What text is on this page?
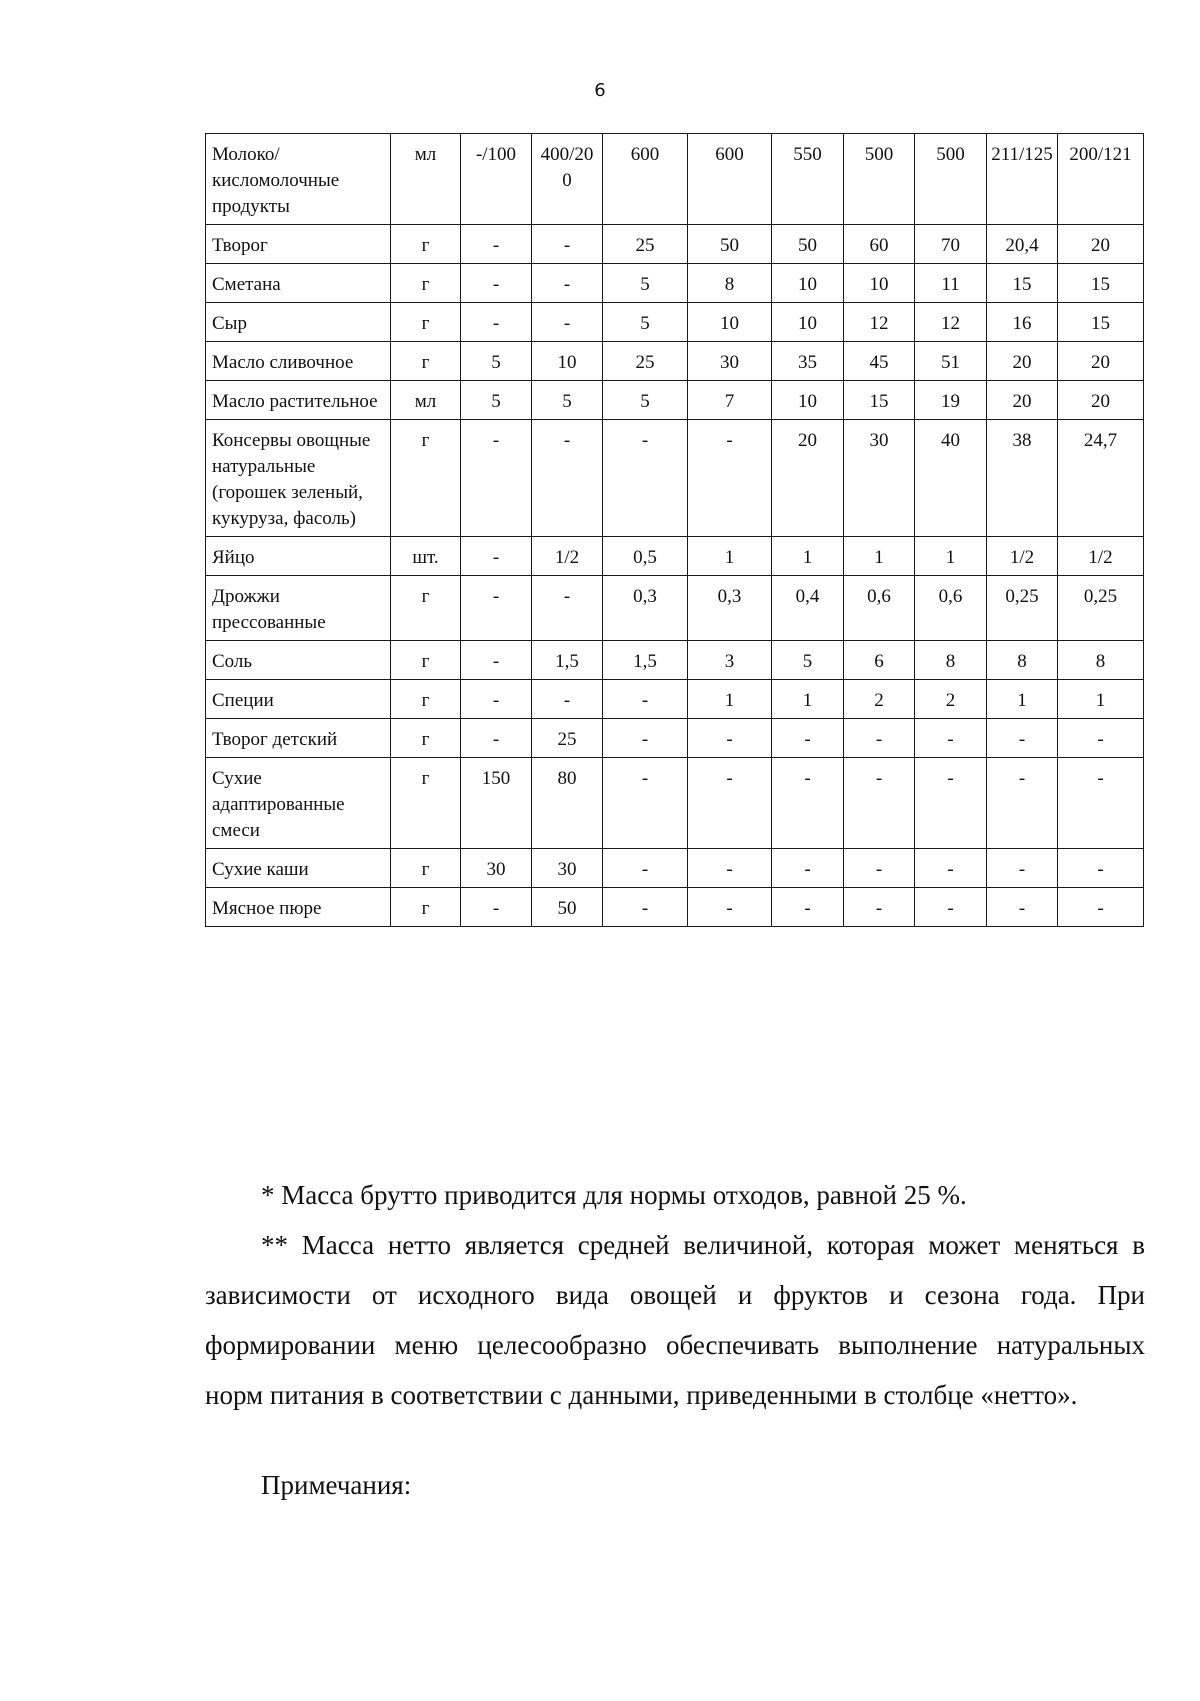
6
Молоко/ кисломолочные продукты	мл	-/100	400/200	600	600	550	500	500	211/125	200/121
Творог	г	-	-	25	50	50	60	70	20,4	20
Сметана	г	-	-	5	8	10	10	11	15	15
Сыр	г	-	-	5	10	10	12	12	16	15
Масло сливочное	г	5	10	25	30	35	45	51	20	20
Масло растительное	мл	5	5	5	7	10	15	19	20	20
Консервы овощные натуральные (горошек зеленый, кукуруза, фасоль)	г	-	-	-	-	20	30	40	38	24,7
Яйцо	шт.	-	1/2	0,5	1	1	1	1	1/2	1/2
Дрожжи прессованные	г	-	-	0,3	0,3	0,4	0,6	0,6	0,25	0,25
Соль	г	-	1,5	1,5	3	5	6	8	8	8
Специи	г	-	-	-	1	1	2	2	1	1
Творог детский	г	-	25	-	-	-	-	-	-	-
Сухие адаптированные смеси	г	150	80	-	-	-	-	-	-	-
Сухие каши	г	30	30	-	-	-	-	-	-	-
Мясное пюре	г	-	50	-	-	-	-	-	-	-

* Масса брутто приводится для нормы отходов, равной 25 %.

** Масса нетто является средней величиной, которая может меняться в зависимости от исходного вида овощей и фруктов и сезона года. При формировании меню целесообразно обеспечивать выполнение натуральных норм питания в соответствии с данными, приведенными в столбце «нетто».

Примечания:
